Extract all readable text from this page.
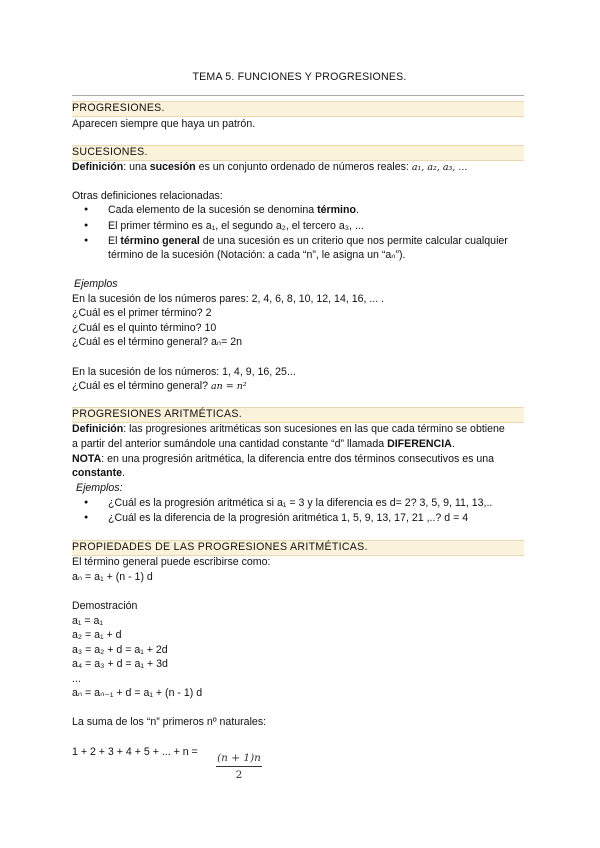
TEMA 5. FUNCIONES Y PROGRESIONES.
PROGRESIONES.
Aparecen siempre que haya un patrón.
SUCESIONES.
Definición: una sucesión es un conjunto ordenado de números reales: a₁, a₂, a₃, ...
Otras definiciones relacionadas:
Cada elemento de la sucesión se denomina término.
El primer término es a₁, el segundo a₂, el tercero a₃, ...
El término general de una sucesión es un criterio que nos permite calcular cualquier
término de la sucesión (Notación: a cada “n”, le asigna un “aₙ”).
Ejemplos
En la sucesión de los números pares: 2, 4, 6, 8, 10, 12, 14, 16, ... .
¿Cuál es el primer término? 2
¿Cuál es el quinto término? 10
¿Cuál es el término general? aₙ= 2n
En la sucesión de los números: 1, 4, 9, 16, 25...
¿Cuál es el término general? an = n²
PROGRESIONES ARITMÉTICAS.
Definición: las progresiones aritméticas son sucesiones en las que cada término se obtiene
a partir del anterior sumándole una cantidad constante “d” llamada DIFERENCIA.
NOTA: en una progresión aritmética, la diferencia entre dos términos consecutivos es una
constante.
Ejemplos:
¿Cuál es la progresión aritmética si a₁ = 3 y la diferencia es d= 2? 3, 5, 9, 11, 13,..
¿Cuál es la diferencia de la progresión aritmética 1, 5, 9, 13, 17, 21 ,..? d = 4
PROPIEDADES DE LAS PROGRESIONES ARITMÉTICAS.
El término general puede escribirse como:
aₙ = a₁ + (n - 1) d
Demostración
a₁ = a₁
a₂ = a₁ + d
a₃ = a₂ + d = a₁ + 2d
a₄ = a₃ + d = a₁ + 3d
...
aₙ = aₙ₋₁ + d = a₁ + (n - 1) d
La suma de los “n” primeros nº naturales:
1 + 2 + 3 + 4 + 5 + ... + n = (n + 1)n
2
